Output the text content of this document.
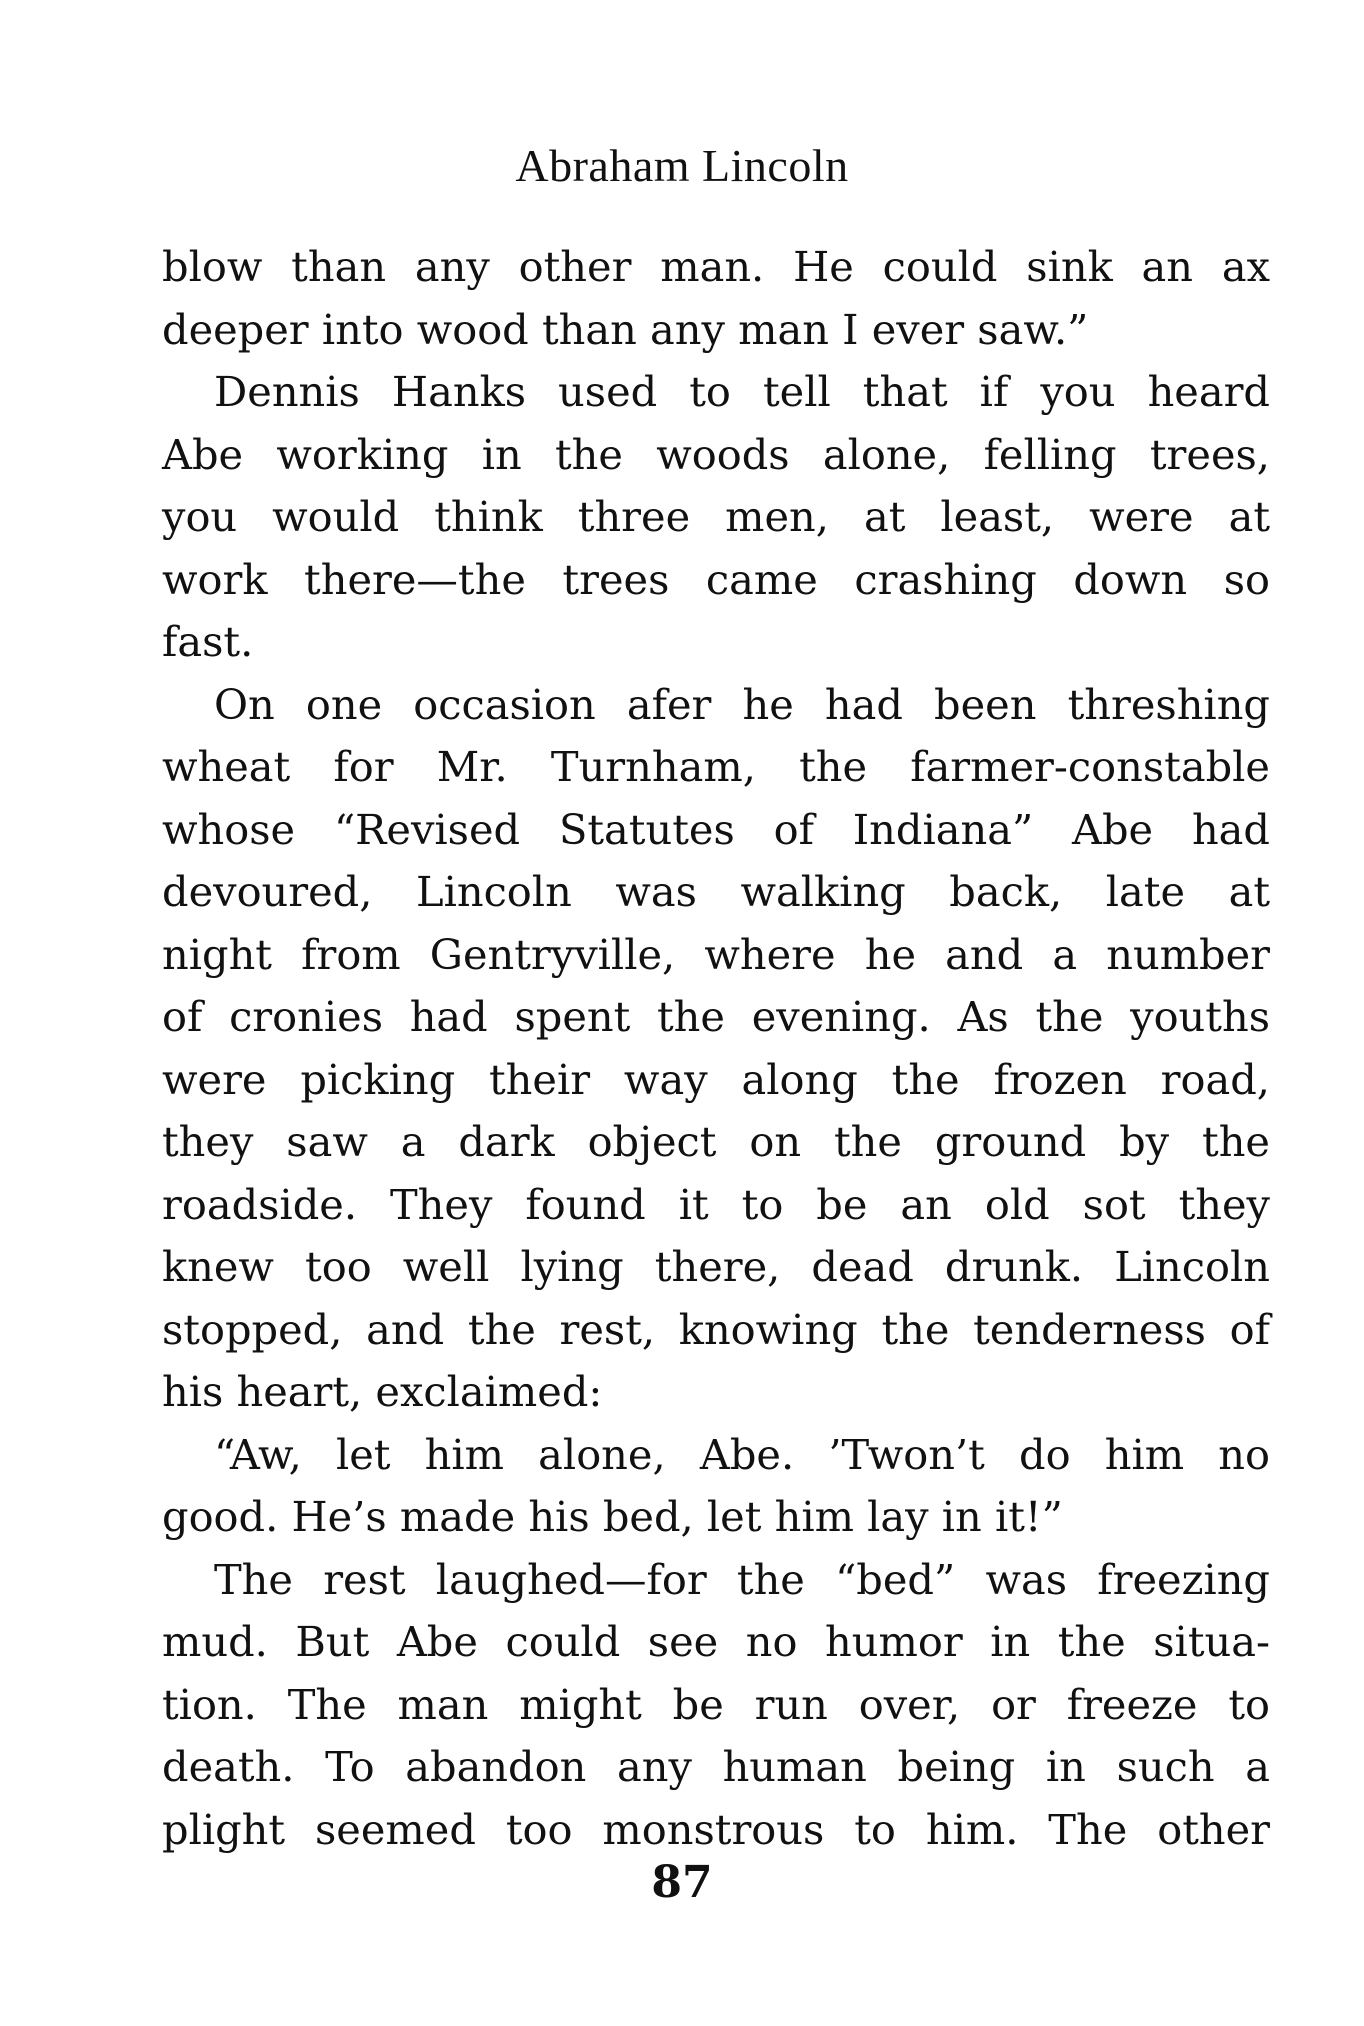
Abraham Lincoln
blow than any other man. He could sink an ax
deeper into wood than any man I ever saw.”
Dennis Hanks used to tell that if you heard
Abe working in the woods alone, felling trees,
you would think three men, at least, were at
work there—the trees came crashing down so
fast.
On one occasion afer he had been threshing
wheat for Mr. Turnham, the farmer-constable
whose “Revised Statutes of Indiana” Abe had
devoured, Lincoln was walking back, late at
night from Gentryville, where he and a number
of cronies had spent the evening. As the youths
were picking their way along the frozen road,
they saw a dark object on the ground by the
roadside. They found it to be an old sot they
knew too well lying there, dead drunk. Lincoln
stopped, and the rest, knowing the tenderness of
his heart, exclaimed:
“Aw, let him alone, Abe. ’Twon’t do him no
good. He’s made his bed, let him lay in it!”
The rest laughed—for the “bed” was freezing
mud. But Abe could see no humor in the situa-
tion. The man might be run over, or freeze to
death. To abandon any human being in such a
plight seemed too monstrous to him. The other
87
